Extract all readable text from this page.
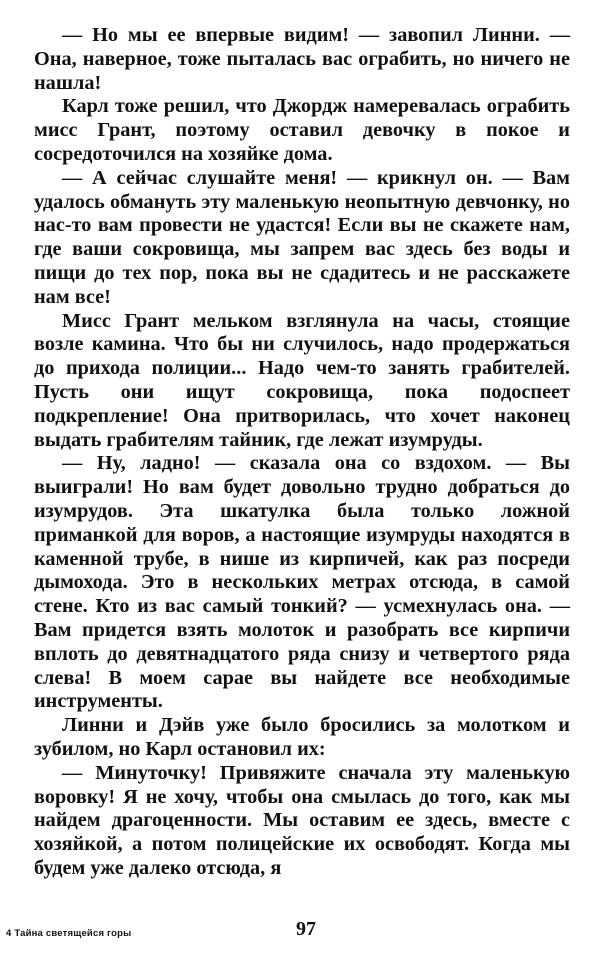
— Но мы ее впервые видим! — завопил Линни. — Она, наверное, тоже пыталась вас ограбить, но ничего не нашла!

Карл тоже решил, что Джордж намеревалась ограбить мисс Грант, поэтому оставил девочку в покое и сосредоточился на хозяйке дома.

— А сейчас слушайте меня! — крикнул он. — Вам удалось обмануть эту маленькую неопытную девчонку, но нас-то вам провести не удастся! Если вы не скажете нам, где ваши сокровища, мы запрем вас здесь без воды и пищи до тех пор, пока вы не сдадитесь и не расскажете нам все!

Мисс Грант мельком взглянула на часы, стоящие возле камина. Что бы ни случилось, надо продержаться до прихода полиции... Надо чем-то занять грабителей. Пусть они ищут сокровища, пока подоспеет подкрепление! Она притворилась, что хочет наконец выдать грабителям тайник, где лежат изумруды.

— Ну, ладно! — сказала она со вздохом. — Вы выиграли! Но вам будет довольно трудно добраться до изумрудов. Эта шкатулка была только ложной приманкой для воров, а настоящие изумруды находятся в каменной трубе, в нише из кирпичей, как раз посреди дымохода. Это в нескольких метрах отсюда, в самой стене. Кто из вас самый тонкий? — усмехнулась она. — Вам придется взять молоток и разобрать все кирпичи вплоть до девятнадцатого ряда снизу и четвертого ряда слева! В моем сарае вы найдете все необходимые инструменты.

Линни и Дэйв уже было бросились за молотком и зубилом, но Карл остановил их:

— Минуточку! Привяжите сначала эту маленькую воровку! Я не хочу, чтобы она смылась до того, как мы найдем драгоценности. Мы оставим ее здесь, вместе с хозяйкой, а потом полицейские их освободят. Когда мы будем уже далеко отсюда, я

4 Тайна светящейся горы	97
